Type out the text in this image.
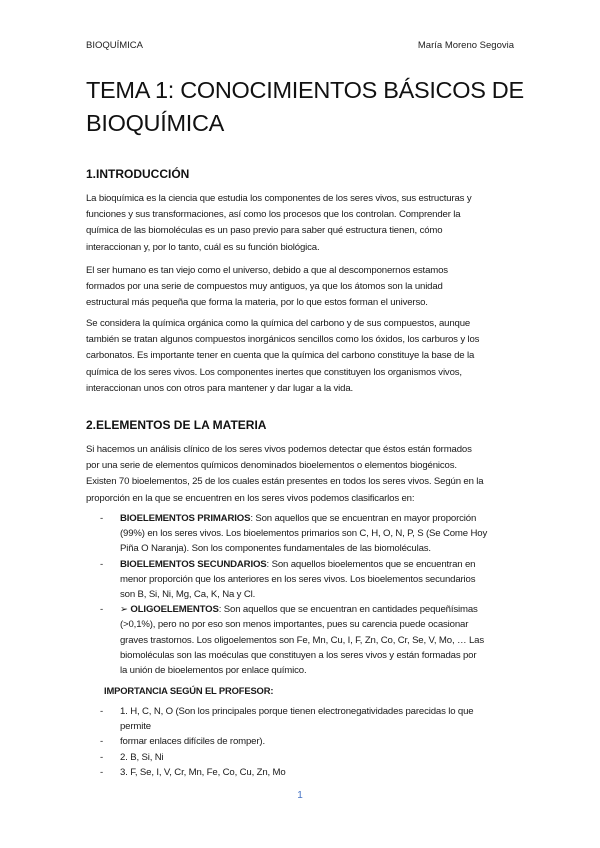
BIOQUÍMICA	María Moreno Segovia
TEMA 1: CONOCIMIENTOS BÁSICOS DE
BIOQUÍMICA
1.INTRODUCCIÓN
La bioquímica es la ciencia que estudia los componentes de los seres vivos, sus estructuras y
funciones y sus transformaciones, así como los procesos que los controlan. Comprender la
química de las biomoléculas es un paso previo para saber qué estructura tienen, cómo
interaccionan y, por lo tanto, cuál es su función biológica.
El ser humano es tan viejo como el universo, debido a que al descomponernos estamos
formados por una serie de compuestos muy antiguos, ya que los átomos son la unidad
estructural más pequeña que forma la materia, por lo que estos forman el universo.
Se considera la química orgánica como la química del carbono y de sus compuestos, aunque
también se tratan algunos compuestos inorgánicos sencillos como los óxidos, los carburos y los
carbonatos. Es importante tener en cuenta que la química del carbono constituye la base de la
química de los seres vivos. Los componentes inertes que constituyen los organismos vivos,
interaccionan unos con otros para mantener y dar lugar a la vida.
2.ELEMENTOS DE LA MATERIA
Si hacemos un análisis clínico de los seres vivos podemos detectar que éstos están formados
por una serie de elementos químicos denominados bioelementos o elementos biogénicos.
Existen 70 bioelementos, 25 de los cuales están presentes en todos los seres vivos. Según en la
proporción en la que se encuentren en los seres vivos podemos clasificarlos en:
- BIOELEMENTOS PRIMARIOS: Son aquellos que se encuentran en mayor proporción
(99%) en los seres vivos. Los bioelementos primarios son C, H, O, N, P, S (Se Come Hoy
Piña O Naranja). Son los componentes fundamentales de las biomoléculas.
- BIOELEMENTOS SECUNDARIOS: Son aquellos bioelementos que se encuentran en
menor proporción que los anteriores en los seres vivos. Los bioelementos secundarios
son B, Si, Ni, Mg, Ca, K, Na y Cl.
- ➢ OLIGOELEMENTOS: Son aquellos que se encuentran en cantidades pequeñísimas
(>0,1%), pero no por eso son menos importantes, pues su carencia puede ocasionar
graves trastornos. Los oligoelementos son Fe, Mn, Cu, I, F, Zn, Co, Cr, Se, V, Mo, … Las
biomoléculas son las moéculas que constituyen a los seres vivos y están formadas por
la unión de bioelementos por enlace químico.
IMPORTANCIA SEGÚN EL PROFESOR:
- 1. H, C, N, O (Son los principales porque tienen electronegatividades parecidas lo que
permite
- formar enlaces difíciles de romper).
- 2. B, Si, Ni
- 3. F, Se, I, V, Cr, Mn, Fe, Co, Cu, Zn, Mo
1
